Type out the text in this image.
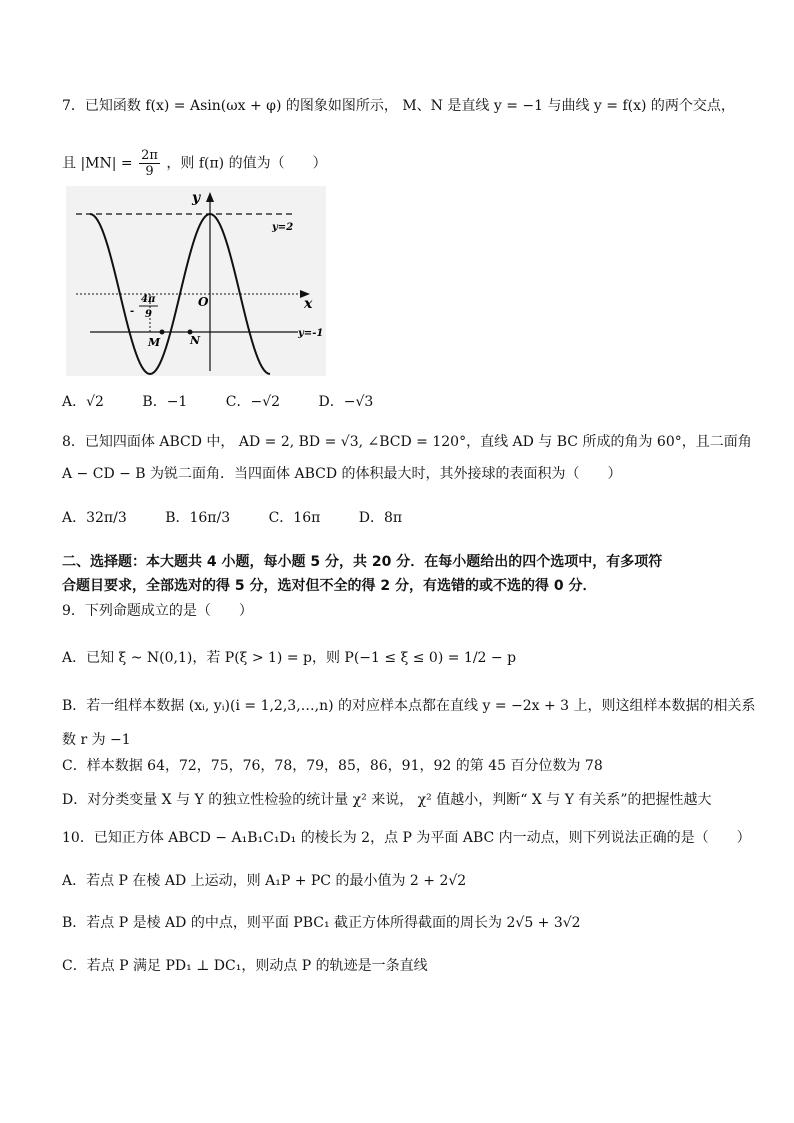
7．已知函数 f(x) = Asin(ωx + φ) 的图象如图所示， M、N 是直线 y = −1 与曲线 y = f(x) 的两个交点，
且 $|MN| = \frac{2\pi}{9}$ ，则 f(π) 的值为（　　）
y
x
O
y=2
y=-1
4π
- 9
M	N
A．√2	B．−1	C．−√2	D．−√3
8．已知四面体 ABCD 中， AD = 2, BD = √3, ∠BCD = 120°，直线 AD 与 BC 所成的角为 60°，且二面角
A − CD − B 为锐二面角．当四面体 ABCD 的体积最大时，其外接球的表面积为（　　）
A．32π/3	B．16π/3	C．16π	D．8π
二、选择题：本大题共 4 小题，每小题 5 分，共 20 分．在每小题给出的四个选项中，有多项符
合题目要求，全部选对的得 5 分，选对但不全的得 2 分，有选错的或不选的得 0 分．
9．下列命题成立的是（　　）
A．已知 ξ ~ N(0,1)，若 P(ξ > 1) = p，则 P(−1 ≤ ξ ≤ 0) = 1/2 − p
B．若一组样本数据 (xᵢ, yᵢ)(i = 1,2,3,…,n) 的对应样本点都在直线 y = −2x + 3 上，则这组样本数据的相关系
数 r 为 −1
C．样本数据 64，72，75，76，78，79，85，86，91，92 的第 45 百分位数为 78
D．对分类变量 X 与 Y 的独立性检验的统计量 χ² 来说， χ² 值越小，判断“ X 与 Y 有关系”的把握性越大
10．已知正方体 ABCD − A₁B₁C₁D₁ 的棱长为 2，点 P 为平面 ABC 内一动点，则下列说法正确的是（　　）
A．若点 P 在棱 AD 上运动，则 A₁P + PC 的最小值为 2 + 2√2
B．若点 P 是棱 AD 的中点，则平面 PBC₁ 截正方体所得截面的周长为 2√5 + 3√2
C．若点 P 满足 PD₁ ⊥ DC₁，则动点 P 的轨迹是一条直线
